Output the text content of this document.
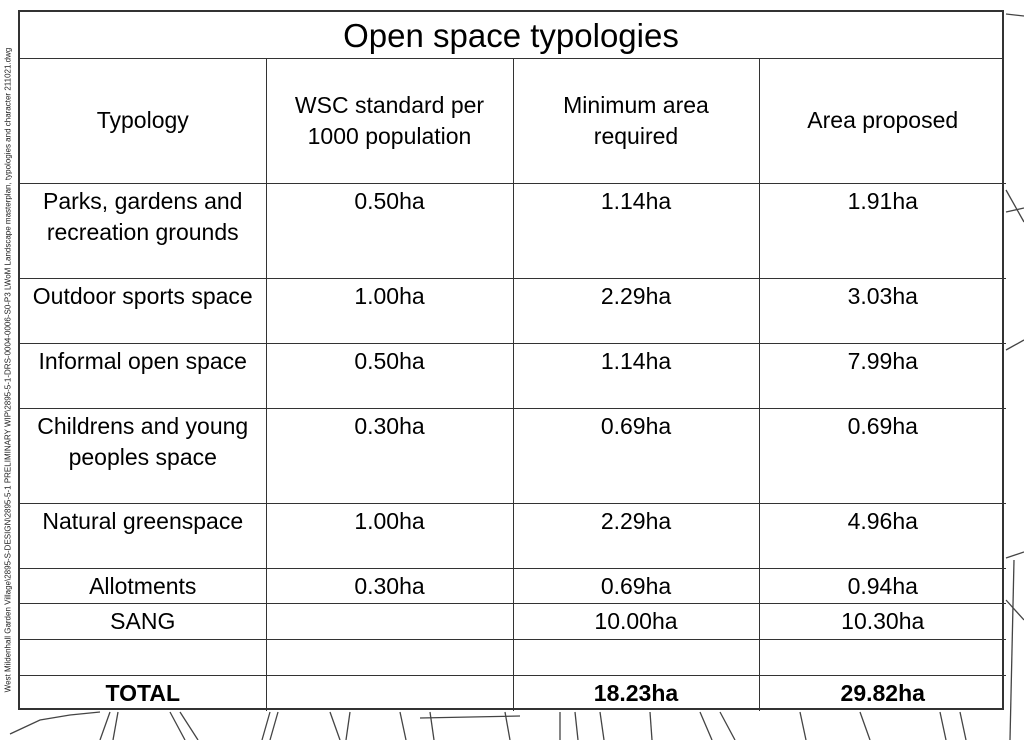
West Mildenhall Garden Village\2895-S-DESIGN\2895-5-1 PRELIMINARY WIP\2895-5-1-DRS-0004-0006-S0-P3 LWoM Landscape masterplan, typologies and character 211021.dwg
Open space typologies
Typology	WSC standard per 1000 population	Minimum area required	Area proposed
Parks, gardens and recreation grounds	0.50ha	1.14ha	1.91ha
Outdoor sports space	1.00ha	2.29ha	3.03ha
Informal open space	0.50ha	1.14ha	7.99ha
Childrens and young peoples space	0.30ha	0.69ha	0.69ha
Natural greenspace	1.00ha	2.29ha	4.96ha
Allotments	0.30ha	0.69ha	0.94ha
SANG		10.00ha	10.30ha

TOTAL		18.23ha	29.82ha
